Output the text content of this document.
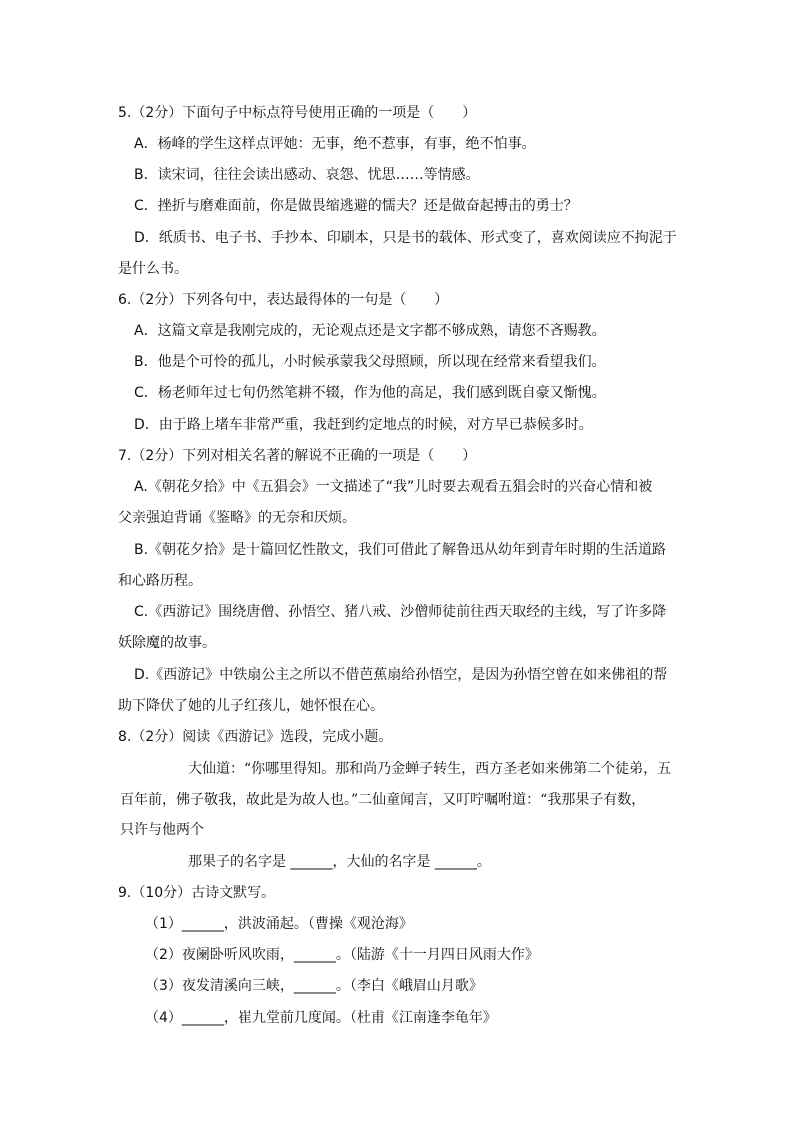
5.（2分）下面句子中标点符号使用正确的一项是（　　）
A．杨峰的学生这样点评她：无事，绝不惹事，有事，绝不怕事。
B．读宋词，往往会读出感动、哀怨、忧思……等情感。
C．挫折与磨难面前，你是做畏缩逃避的懦夫？还是做奋起搏击的勇士？
D．纸质书、电子书、手抄本、印刷本，只是书的载体、形式变了，喜欢阅读应不拘泥于
是什么书。
6.（2分）下列各句中，表达最得体的一句是（　　）
A．这篇文章是我刚完成的，无论观点还是文字都不够成熟，请您不吝赐教。
B．他是个可怜的孤儿，小时候承蒙我父母照顾，所以现在经常来看望我们。
C．杨老师年过七旬仍然笔耕不辍，作为他的高足，我们感到既自豪又惭愧。
D．由于路上堵车非常严重，我赶到约定地点的时候，对方早已恭候多时。
7.（2分）下列对相关名著的解说不正确的一项是（　　）
A.《朝花夕拾》中《五猖会》一文描述了“我”儿时要去观看五猖会时的兴奋心情和被
父亲强迫背诵《鉴略》的无奈和厌烦。
B.《朝花夕拾》是十篇回忆性散文，我们可借此了解鲁迅从幼年到青年时期的生活道路
和心路历程。
C.《西游记》围绕唐僧、孙悟空、猪八戒、沙僧师徒前往西天取经的主线，写了许多降
妖除魔的故事。
D.《西游记》中铁扇公主之所以不借芭蕉扇给孙悟空，是因为孙悟空曾在如来佛祖的帮
助下降伏了她的儿子红孩儿，她怀恨在心。
8.（2分）阅读《西游记》选段，完成小题。
大仙道：“你哪里得知。那和尚乃金蝉子转生，西方圣老如来佛第二个徒弟，五
百年前，佛子敬我，故此是为故人也。”二仙童闻言，又叮咛嘱咐道：“我那果子有数，
只许与他两个
那果子的名字是 ______，大仙的名字是 ______。
9.（10分）古诗文默写。
（1）______，洪波涌起。（曹操《观沧海》
（2）夜阑卧听风吹雨，______。（陆游《十一月四日风雨大作》
（3）夜发清溪向三峡，______。（李白《峨眉山月歌》
（4）______，崔九堂前几度闻。（杜甫《江南逢李龟年》
